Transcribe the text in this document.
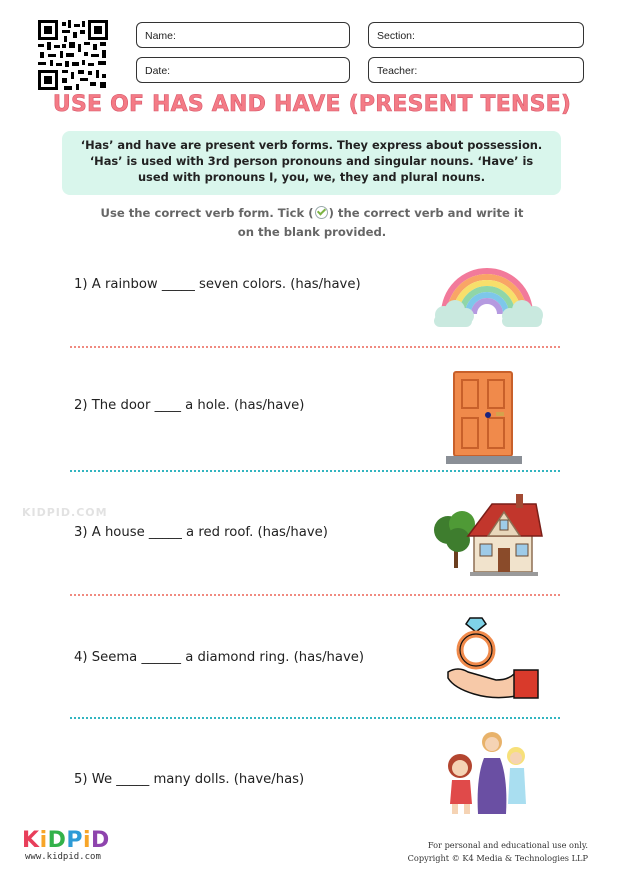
Name:	Section:
Date:	Teacher:
USE OF HAS AND HAVE (PRESENT TENSE)
‘Has’ and have are present verb forms. They express about possession.
‘Has’ is used with 3rd person pronouns and singular nouns. ‘Have’ is
used with pronouns I, you, we, they and plural nouns.
Use the correct verb form. Tick ( ) the correct verb and write it
on the blank provided.
1) A rainbow _____ seven colors. (has/have)
2) The door ____ a hole. (has/have)
3) A house _____ a red roof. (has/have)
4) Seema ______ a diamond ring. (has/have)
5) We _____ many dolls. (have/has)
KIDPID.COM
KiDPiD
www.kidpid.com
For personal and educational use only.
Copyright © K4 Media & Technologies LLP
